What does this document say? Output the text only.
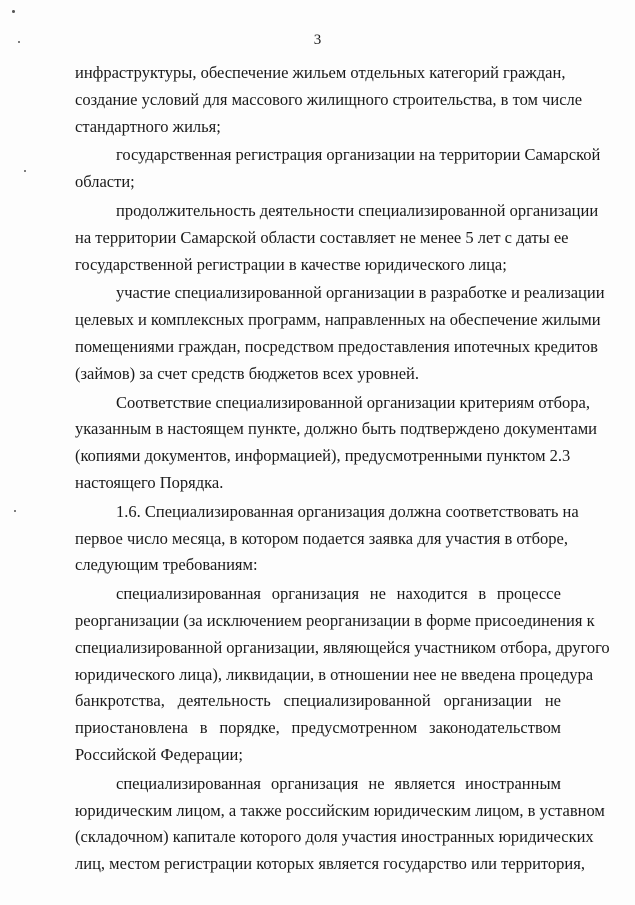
3
инфраструктуры, обеспечение жильем отдельных категорий граждан,
создание условий для массового жилищного строительства, в том числе
стандартного жилья;
государственная регистрация организации на территории Самарской
области;
продолжительность деятельности специализированной организации
на территории Самарской области составляет не менее 5 лет с даты ее
государственной регистрации в качестве юридического лица;
участие специализированной организации в разработке и реализации
целевых и комплексных программ, направленных на обеспечение жилыми
помещениями граждан, посредством предоставления ипотечных кредитов
(займов) за счет средств бюджетов всех уровней.
Соответствие специализированной организации критериям отбора,
указанным в настоящем пункте, должно быть подтверждено документами
(копиями документов, информацией), предусмотренными пунктом 2.3
настоящего Порядка.
1.6. Специализированная организация должна соответствовать на
первое число месяца, в котором подается заявка для участия в отборе,
следующим требованиям:
специализированная организация не находится в процессе
реорганизации (за исключением реорганизации в форме присоединения к
специализированной организации, являющейся участником отбора, другого
юридического лица), ликвидации, в отношении нее не введена процедура
банкротства, деятельность специализированной организации не
приостановлена в порядке, предусмотренном законодательством
Российской Федерации;
специализированная организация не является иностранным
юридическим лицом, а также российским юридическим лицом, в уставном
(складочном) капитале которого доля участия иностранных юридических
лиц, местом регистрации которых является государство или территория,
